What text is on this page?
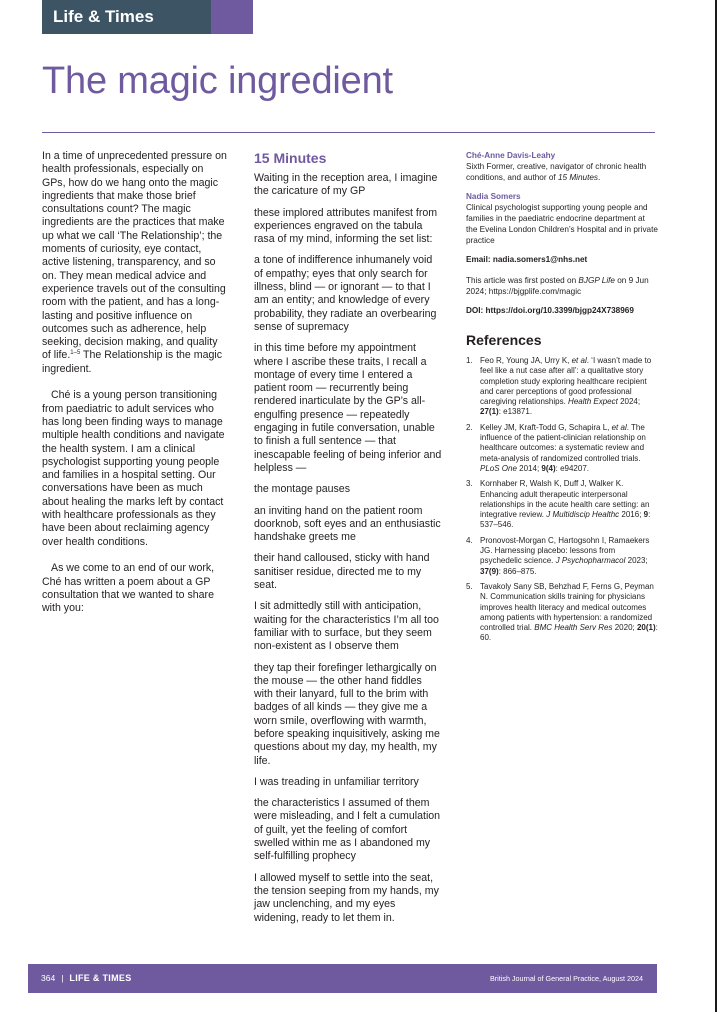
Life & Times
The magic ingredient

In a time of unprecedented pressure on health professionals, especially on GPs, how do we hang onto the magic ingredients that make those brief consultations count? The magic ingredients are the practices that make up what we call ‘The Relationship’; the moments of curiosity, eye contact, active listening, transparency, and so on. They mean medical advice and experience travels out of the consulting room with the patient, and has a long-lasting and positive influence on outcomes such as adherence, help seeking, decision making, and quality of life.$^{1-5}$ The Relationship is the magic ingredient.

Ché is a young person transitioning from paediatric to adult services who has long been finding ways to manage multiple health conditions and navigate the health system. I am a clinical psychologist supporting young people and families in a hospital setting. Our conversations have been as much about healing the marks left by contact with healthcare professionals as they have been about reclaiming agency over health conditions.

As we come to an end of our work, Ché has written a poem about a GP consultation that we wanted to share with you:

15 Minutes

Waiting in the reception area, I imagine the caricature of my GP

these implored attributes manifest from experiences engraved on the tabula rasa of my mind, informing the set list:

a tone of indifference inhumanely void of empathy; eyes that only search for illness, blind — or ignorant — to that I am an entity; and knowledge of every probability, they radiate an overbearing sense of supremacy

in this time before my appointment where I ascribe these traits, I recall a montage of every time I entered a patient room — recurrently being rendered inarticulate by the GP’s all-engulfing presence — repeatedly engaging in futile conversation, unable to finish a full sentence — that inescapable feeling of being inferior and helpless —

the montage pauses

an inviting hand on the patient room doorknob, soft eyes and an enthusiastic handshake greets me

their hand calloused, sticky with hand sanitiser residue, directed me to my seat.

I sit admittedly still with anticipation, waiting for the characteristics I’m all too familiar with to surface, but they seem non-existent as I observe them

they tap their forefinger lethargically on the mouse — the other hand fiddles with their lanyard, full to the brim with badges of all kinds — they give me a worn smile, overflowing with warmth, before speaking inquisitively, asking me questions about my day, my health, my life.

I was treading in unfamiliar territory

the characteristics I assumed of them were misleading, and I felt a cumulation of guilt, yet the feeling of comfort swelled within me as I abandoned my self-fulfilling prophecy

I allowed myself to settle into the seat, the tension seeping from my hands, my jaw unclenching, and my eyes widening, ready to let them in.

Ché-Anne Davis-Leahy
Sixth Former, creative, navigator of chronic health conditions, and author of 15 Minutes.
Nadia Somers
Clinical psychologist supporting young people and families in the paediatric endocrine department at the Evelina London Children’s Hospital and in private practice
Email: nadia.somers1@nhs.net
This article was first posted on BJGP Life on 9 Jun 2024; https://bjgplife.com/magic
DOI: https://doi.org/10.3399/bjgp24X738969
References
1. Feo R, Young JA, Urry K, et al. ‘I wasn’t made to feel like a nut case after all’: a qualitative story completion study exploring healthcare recipient and carer perceptions of good professional caregiving relationships. Health Expect 2024; 27(1): e13871.
2. Kelley JM, Kraft-Todd G, Schapira L, et al. The influence of the patient-clinician relationship on healthcare outcomes: a systematic review and meta-analysis of randomized controlled trials. PLoS One 2014; 9(4): e94207.
3. Kornhaber R, Walsh K, Duff J, Walker K. Enhancing adult therapeutic interpersonal relationships in the acute health care setting: an integrative review. J Multidiscip Healthc 2016; 9: 537–546.
4. Pronovost-Morgan C, Hartogsohn I, Ramaekers JG. Harnessing placebo: lessons from psychedelic science. J Psychopharmacol 2023; 37(9): 866–875.
5. Tavakoly Sany SB, Behzhad F, Ferns G, Peyman N. Communication skills training for physicians improves health literacy and medical outcomes among patients with hypertension: a randomized controlled trial. BMC Health Serv Res 2020; 20(1): 60.
364 | LIFE & TIMES	British Journal of General Practice, August 2024
